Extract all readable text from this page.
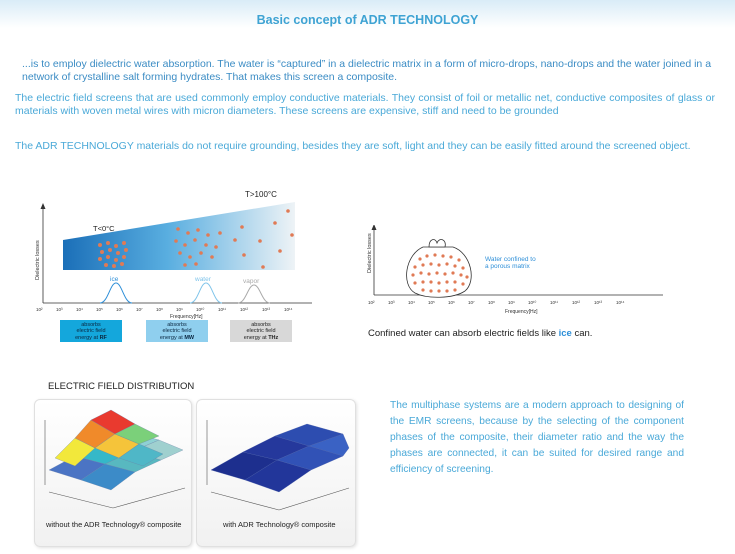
Basic concept of ADR TECHNOLOGY
...is to employ dielectric water absorption. The water is “captured” in a dielectric matrix in a form of micro-drops, nano-drops and the water joined in a network of crystalline salt forming hydrates. That makes this screen a composite.
The electric field screens that are used commonly employ conductive materials. They consist of foil or metallic net, conductive composites of glass or materials with woven metal wires with micron diameters. These screens are expensive, stiff and need to be grounded
The ADR TECHNOLOGY materials do not require grounding, besides they are soft, light and they can be easily fitted around the screened object.
Dielectric losses
T>100°C
T<0°C
ice	water	vapor
10²	10³	10⁴	10⁵	10⁶	10⁷	10⁸	10⁹	10¹⁰	10¹¹	10¹²	10¹³	10¹⁴
Frequency[Hz]
absorbs
electric field
energy at RF
absorbs
electric field
energy at MW
absorbs
electric field
energy at THz
Dielectric losses	Water confined to
a porous matrix
10²	10³	10⁴	10⁵	10⁶	10⁷	10⁸	10⁹	10¹⁰	10¹¹	10¹²	10¹³	10¹⁴
Frequency[Hz]
Confined water can absorb electric fields like ice can.
ELECTRIC FIELD DISTRIBUTION
without the ADR Technology® composite	with ADR Technology® composite
The multiphase systems are a modern approach to designing of the EMR screens, because by the selecting of the component phases of the composite, their diameter ratio and the way the phases are connected, it can be suited for desired range and efficiency of screening.
